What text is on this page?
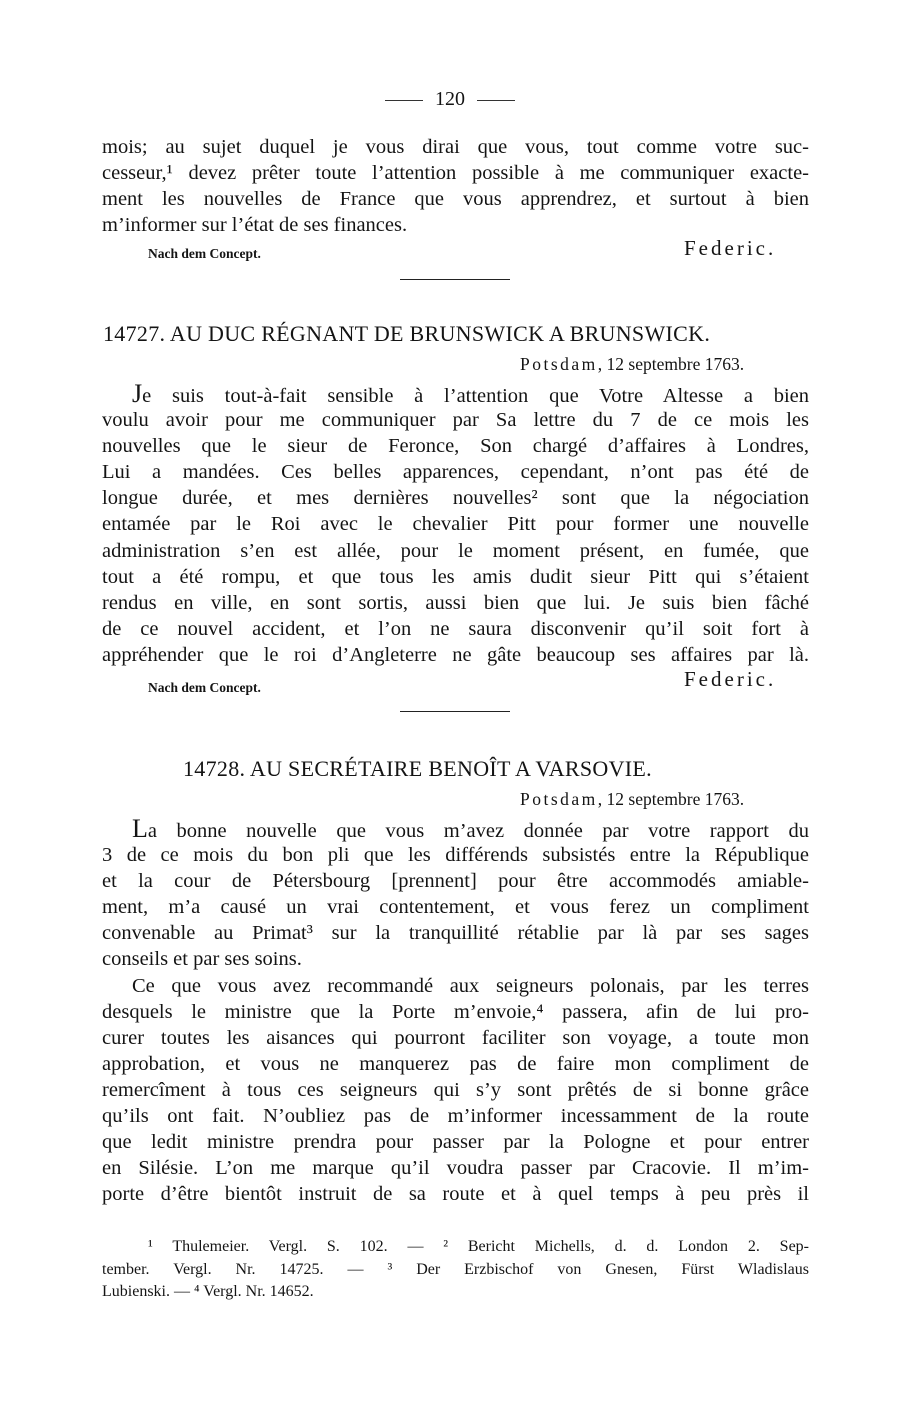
120
mois; au sujet duquel je vous dirai que vous, tout comme votre suc-
cesseur,¹ devez prêter toute l’attention possible à me communiquer exacte-
ment les nouvelles de France que vous apprendrez, et surtout à bien
m’informer sur l’état de ses finances.
Nach dem Concept.	Federic.
14727. AU DUC RÉGNANT DE BRUNSWICK A BRUNSWICK.
Potsdam, 12 septembre 1763.
Je suis tout-à-fait sensible à l’attention que Votre Altesse a bien
voulu avoir pour me communiquer par Sa lettre du 7 de ce mois les
nouvelles que le sieur de Feronce, Son chargé d’affaires à Londres,
Lui a mandées. Ces belles apparences, cependant, n’ont pas été de
longue durée, et mes dernières nouvelles² sont que la négociation
entamée par le Roi avec le chevalier Pitt pour former une nouvelle
administration s’en est allée, pour le moment présent, en fumée, que
tout a été rompu, et que tous les amis dudit sieur Pitt qui s’étaient
rendus en ville, en sont sortis, aussi bien que lui. Je suis bien fâché
de ce nouvel accident, et l’on ne saura disconvenir qu’il soit fort à
appréhender que le roi d’Angleterre ne gâte beaucoup ses affaires par là.
Nach dem Concept.	Federic.
14728. AU SECRÉTAIRE BENOÎT A VARSOVIE.
Potsdam, 12 septembre 1763.
La bonne nouvelle que vous m’avez donnée par votre rapport du
3 de ce mois du bon pli que les différends subsistés entre la République
et la cour de Pétersbourg [prennent] pour être accommodés amiable-
ment, m’a causé un vrai contentement, et vous ferez un compliment
convenable au Primat³ sur la tranquillité rétablie par là par ses sages
conseils et par ses soins.
Ce que vous avez recommandé aux seigneurs polonais, par les terres
desquels le ministre que la Porte m’envoie,⁴ passera, afin de lui pro-
curer toutes les aisances qui pourront faciliter son voyage, a toute mon
approbation, et vous ne manquerez pas de faire mon compliment de
remercîment à tous ces seigneurs qui s’y sont prêtés de si bonne grâce
qu’ils ont fait. N’oubliez pas de m’informer incessamment de la route
que ledit ministre prendra pour passer par la Pologne et pour entrer
en Silésie. L’on me marque qu’il voudra passer par Cracovie. Il m’im-
porte d’être bientôt instruit de sa route et à quel temps à peu près il
¹ Thulemeier. Vergl. S. 102. — ² Bericht Michells, d. d. London 2. Sep-
tember. Vergl. Nr. 14725. — ³ Der Erzbischof von Gnesen, Fürst Wladislaus
Lubienski. — ⁴ Vergl. Nr. 14652.
